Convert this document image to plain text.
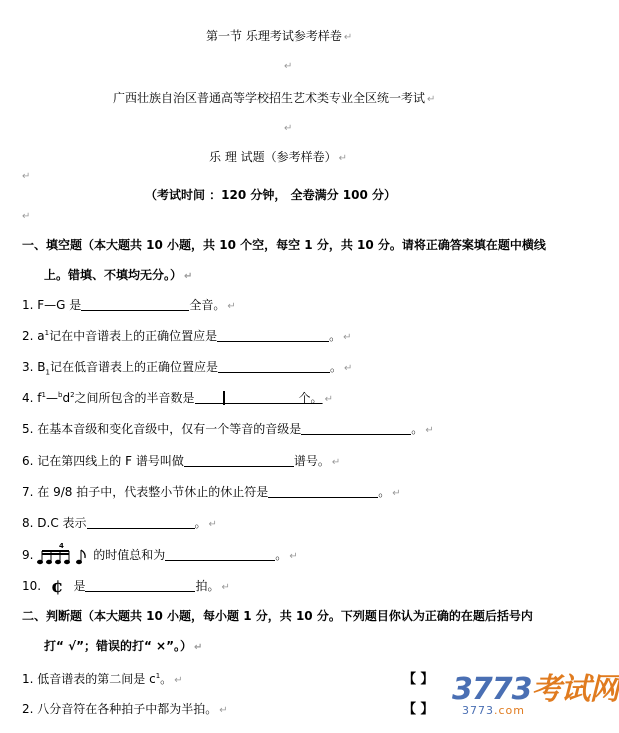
第一节 乐理考试参考样卷 ↵
↵
广西壮族自治区普通高等学校招生艺术类专业全区统一考试 ↵
↵
乐 理 试题（参考样卷） ↵
↵
（考试时间 ：120 分钟， 全卷满分 100 分）
↵
一、填空题（本大题共 10 小题，共 10 个空，每空 1 分，共 10 分。请将正确答案填在题中横线
上。错填、不填均无分。） ↵
1. F—G 是	全音。 ↵
2. $a^1$记在中音谱表上的正确位置应是	。 ↵
3. $B_1$记在低音谱表上的正确位置应是	。 ↵
4. $f^1—^bd^2$之间所包含的半音数是	个。 ↵
5. 在基本音级和变化音级中，仅有一个等音的音级是	。 ↵
6. 记在第四线上的 F 谱号叫做	谱号。 ↵
7. 在 9/8 拍子中，代表整小节休止的休止符是	。 ↵
8. D.C 表示	。 ↵
9.
4
的时值总和为	。 ↵
10. ¢ 是	拍。 ↵
二、判断题（本大题共 10 小题，每小题 1 分，共 10 分。下列题目你认为正确的在题后括号内
打“ √”；错误的打“ ×”。） ↵
1. 低音谱表的第二间是 $c^1$。 ↵	【 】
2. 八分音符在各种拍子中都为半拍。 ↵	【 】
3773考试网
3773.com
